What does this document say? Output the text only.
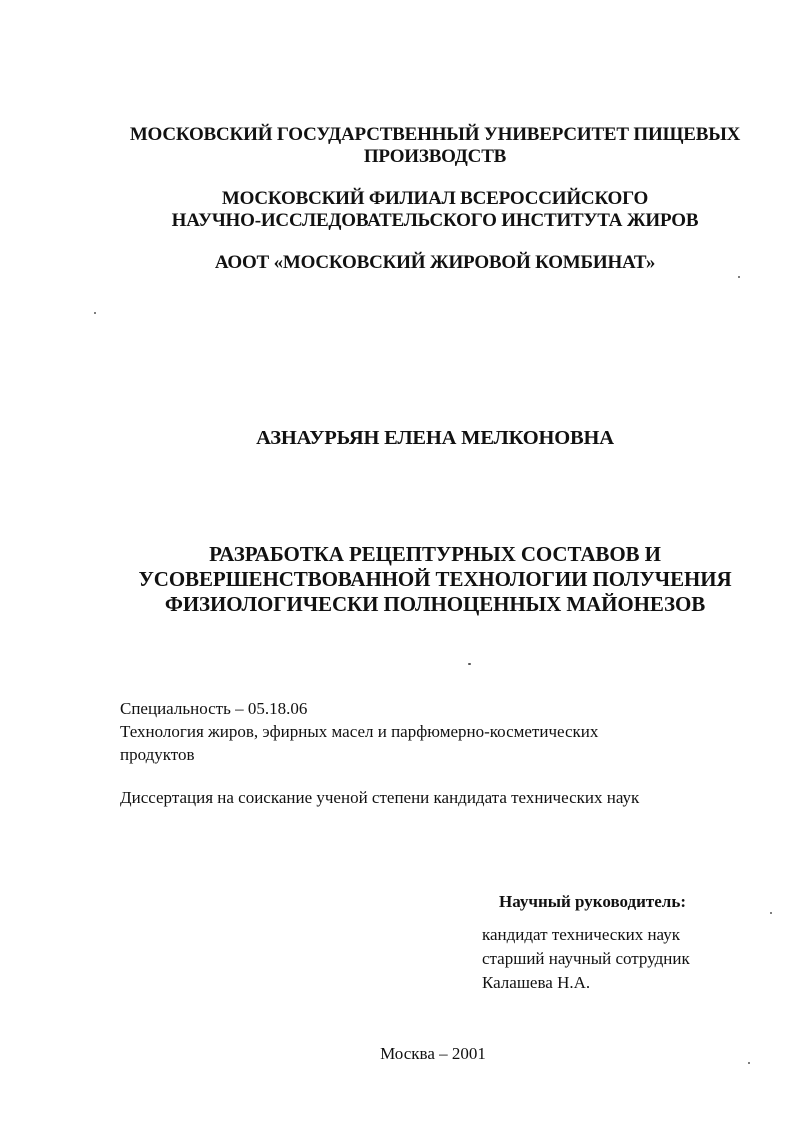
МОСКОВСКИЙ ГОСУДАРСТВЕННЫЙ УНИВЕРСИТЕТ ПИЩЕВЫХ
ПРОИЗВОДСТВ
МОСКОВСКИЙ ФИЛИАЛ ВСЕРОССИЙСКОГО
НАУЧНО-ИССЛЕДОВАТЕЛЬСКОГО ИНСТИТУТА ЖИРОВ
АООТ «МОСКОВСКИЙ ЖИРОВОЙ КОМБИНАТ»
АЗНАУРЬЯН ЕЛЕНА МЕЛКОНОВНА
РАЗРАБОТКА РЕЦЕПТУРНЫХ СОСТАВОВ И
УСОВЕРШЕНСТВОВАННОЙ ТЕХНОЛОГИИ ПОЛУЧЕНИЯ
ФИЗИОЛОГИЧЕСКИ ПОЛНОЦЕННЫХ МАЙОНЕЗОВ
Специальность – 05.18.06
Технология жиров, эфирных масел и парфюмерно-косметических
продуктов
Диссертация на соискание ученой степени кандидата технических наук
Научный руководитель:
кандидат технических наук
старший научный сотрудник
Калашева Н.А.
Москва – 2001
